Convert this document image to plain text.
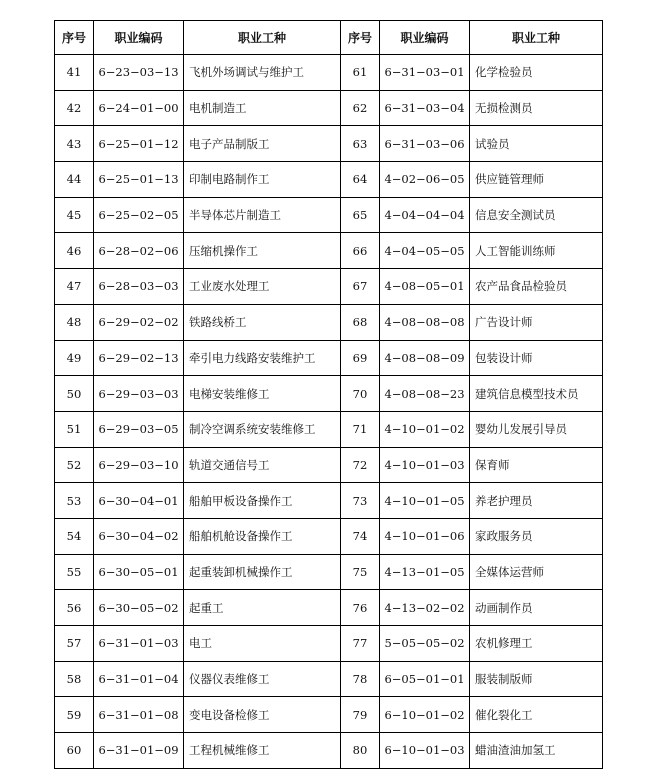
序号	职业编码	职业工种	序号	职业编码	职业工种
41	6−23−03−13	飞机外场调试与维护工	61	6−31−03−01	化学检验员
42	6−24−01−00	电机制造工	62	6−31−03−04	无损检测员
43	6−25−01−12	电子产品制版工	63	6−31−03−06	试验员
44	6−25−01−13	印制电路制作工	64	4−02−06−05	供应链管理师
45	6−25−02−05	半导体芯片制造工	65	4−04−04−04	信息安全测试员
46	6−28−02−06	压缩机操作工	66	4−04−05−05	人工智能训练师
47	6−28−03−03	工业废水处理工	67	4−08−05−01	农产品食品检验员
48	6−29−02−02	铁路线桥工	68	4−08−08−08	广告设计师
49	6−29−02−13	牵引电力线路安装维护工	69	4−08−08−09	包装设计师
50	6−29−03−03	电梯安装维修工	70	4−08−08−23	建筑信息模型技术员
51	6−29−03−05	制冷空调系统安装维修工	71	4−10−01−02	婴幼儿发展引导员
52	6−29−03−10	轨道交通信号工	72	4−10−01−03	保育师
53	6−30−04−01	船舶甲板设备操作工	73	4−10−01−05	养老护理员
54	6−30−04−02	船舶机舱设备操作工	74	4−10−01−06	家政服务员
55	6−30−05−01	起重装卸机械操作工	75	4−13−01−05	全媒体运营师
56	6−30−05−02	起重工	76	4−13−02−02	动画制作员
57	6−31−01−03	电工	77	5−05−05−02	农机修理工
58	6−31−01−04	仪器仪表维修工	78	6−05−01−01	服装制版师
59	6−31−01−08	变电设备检修工	79	6−10−01−02	催化裂化工
60	6−31−01−09	工程机械维修工	80	6−10−01−03	蜡油渣油加氢工
